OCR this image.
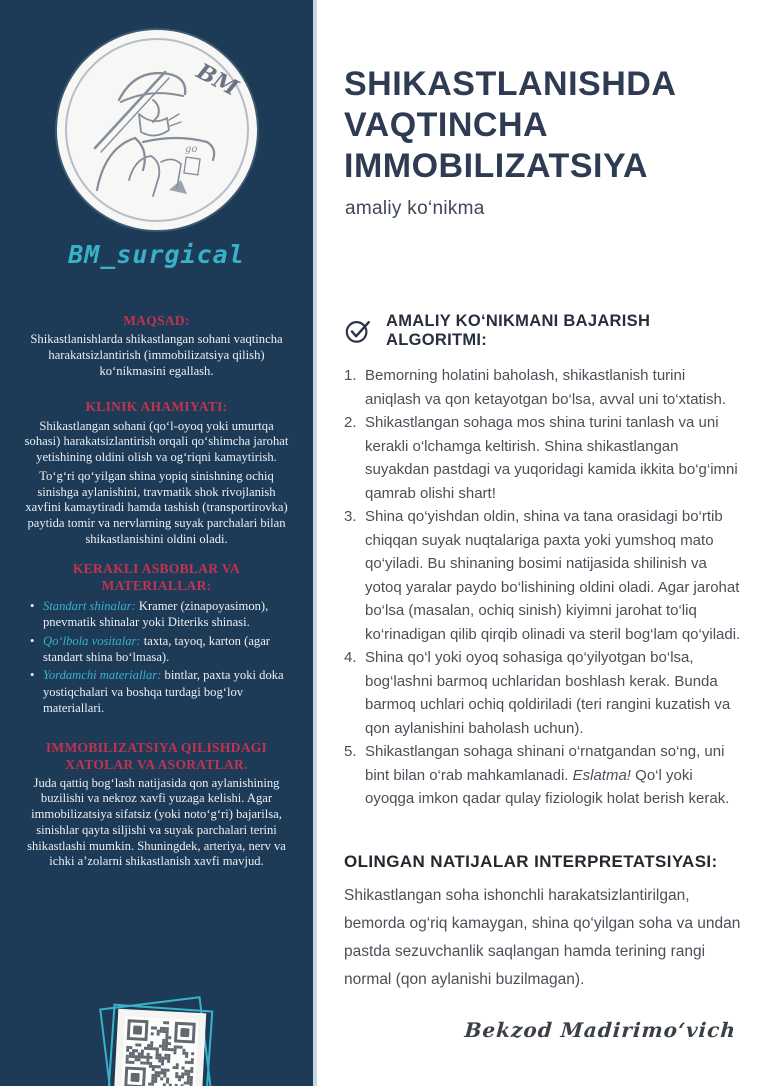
go
BM
BM_surgical
MAQSAD:
Shikastlanishlarda shikastlangan sohani vaqtincha harakatsizlantirish (immobilizatsiya qilish) ko‘nikmasini egallash.
KLINIK AHAMIYATI:
Shikastlangan sohani (qo‘l-oyoq yoki umurtqa sohasi) harakatsizlantirish orqali qo‘shimcha jarohat yetishining oldini olish va og‘riqni kamaytirish.
To‘g‘ri qo‘yilgan shina yopiq sinishning ochiq sinishga aylanishini, travmatik shok rivojlanish xavfini kamaytiradi hamda tashish (transportirovka) paytida tomir va nervlarning suyak parchalari bilan shikastlanishini oldini oladi.
KERAKLI ASBOBLAR VA MATERIALLAR:
• Standart shinalar: Kramer (zinapoyasimon), pnevmatik shinalar yoki Diteriks shinasi.
• Qo‘lbola vositalar: taxta, tayoq, karton (agar standart shina bo‘lmasa).
• Yordamchi materiallar: bintlar, paxta yoki doka yostiqchalari va boshqa turdagi bog‘lov materiallari.
IMMOBILIZATSIYA QILISHDAGI XATOLAR VA ASORATLAR.
Juda qattiq bog‘lash natijasida qon aylanishining buzilishi va nekroz xavfi yuzaga kelishi. Agar immobilizatsiya sifatsiz (yoki noto‘g‘ri) bajarilsa, sinishlar qayta siljishi va suyak parchalari terini shikastlashi mumkin. Shuningdek, arteriya, nerv va ichki a’zolarni shikastlanish xavfi mavjud.
SHIKASTLANISHDA VAQTINCHA IMMOBILIZATSIYA
amaliy ko‘nikma
AMALIY KO‘NIKMANI BAJARISH ALGORITMI:
1. Bemorning holatini baholash, shikastlanish turini aniqlash va qon ketayotgan bo‘lsa, avval uni to‘xtatish.
2. Shikastlangan sohaga mos shina turini tanlash va uni kerakli o‘lchamga keltirish. Shina shikastlangan suyakdan pastdagi va yuqoridagi kamida ikkita bo‘g‘imni qamrab olishi shart!
3. Shina qo‘yishdan oldin, shina va tana orasidagi bo‘rtib chiqqan suyak nuqtalariga paxta yoki yumshoq mato qo‘yiladi. Bu shinaning bosimi natijasida shilinish va yotoq yaralar paydo bo‘lishining oldini oladi. Agar jarohat bo‘lsa (masalan, ochiq sinish) kiyimni jarohat to‘liq ko‘rinadigan qilib qirqib olinadi va steril bog‘lam qo‘yiladi.
4. Shina qo‘l yoki oyoq sohasiga qo‘yilyotgan bo‘lsa, bog‘lashni barmoq uchlaridan boshlash kerak. Bunda barmoq uchlari ochiq qoldiriladi (teri rangini kuzatish va qon aylanishini baholash uchun).
5. Shikastlangan sohaga shinani o‘rnatgandan so‘ng, uni bint bilan o‘rab mahkamlanadi. Eslatma! Qo‘l yoki oyoqga imkon qadar qulay fiziologik holat berish kerak.
OLINGAN NATIJALAR INTERPRETATSIYASI:

Shikastlangan soha ishonchli harakatsizlantirilgan, bemorda og‘riq kamaygan, shina qo‘yilgan soha va undan pastda sezuvchanlik saqlangan hamda terining rangi normal (qon aylanishi buzilmagan).

Bekzod Madirimo‘vich
